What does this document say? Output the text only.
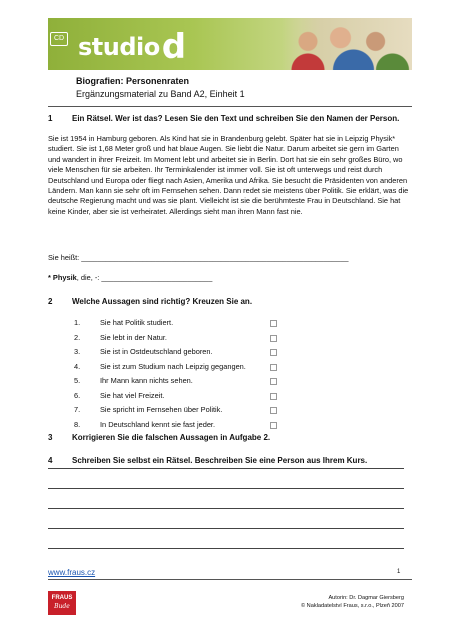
CD studiod
Biografien: Personenraten
Ergänzungsmaterial zu Band A2, Einheit 1
1 Ein Rätsel. Wer ist das? Lesen Sie den Text und schreiben Sie den Namen der Person.

Sie ist 1954 in Hamburg geboren. Als Kind hat sie in Brandenburg gelebt. Später hat sie in Leipzig Physik* studiert. Sie ist 1,68 Meter groß und hat blaue Augen. Sie liebt die Natur. Darum arbeitet sie gern im Garten und wandert in ihrer Freizeit. Im Moment lebt und arbeitet sie in Berlin. Dort hat sie ein sehr großes Büro, wo viele Menschen für sie arbeiten. Ihr Terminkalender ist immer voll. Sie ist oft unterwegs und reist durch Deutschland und Europa oder fliegt nach Asien, Amerika und Afrika. Sie besucht die Präsidenten von anderen Ländern. Man kann sie sehr oft im Fernsehen sehen. Dann redet sie meistens über Politik. Sie erklärt, was die deutsche Regierung macht und was sie plant. Vielleicht ist sie die berühmteste Frau in Deutschland. Sie hat keine Kinder, aber sie ist verheiratet. Allerdings sieht man ihren Mann fast nie.

Sie heißt: _________________________________________________________________
* Physik, die, -: ___________________________
2 Welche Aussagen sind richtig? Kreuzen Sie an.
1.	Sie hat Politik studiert.
2.	Sie lebt in der Natur.
3.	Sie ist in Ostdeutschland geboren.
4.	Sie ist zum Studium nach Leipzig gegangen.
5.	Ihr Mann kann nichts sehen.
6.	Sie hat viel Freizeit.
7.	Sie spricht im Fernsehen über Politik.
8.	In Deutschland kennt sie fast jeder.
3 Korrigieren Sie die falschen Aussagen in Aufgabe 2.
4 Schreiben Sie selbst ein Rätsel. Beschreiben Sie eine Person aus Ihrem Kurs.
www.fraus.cz	1
FRAUS
Bude
Autorin: Dr. Dagmar Giersberg
© Nakladatelství Fraus, s.r.o., Plzeň 2007
